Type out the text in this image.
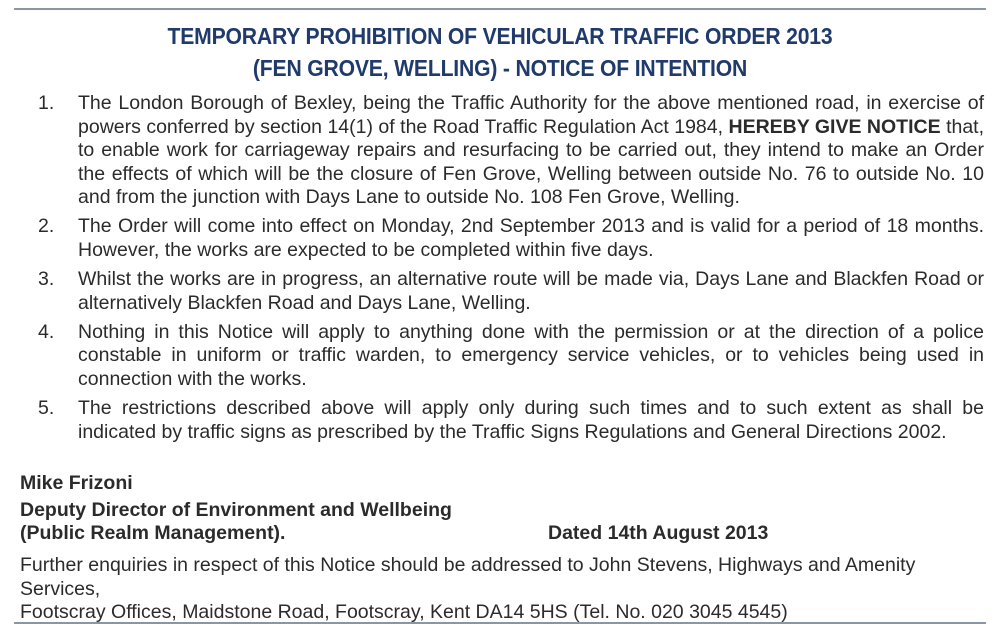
TEMPORARY PROHIBITION OF VEHICULAR TRAFFIC ORDER 2013
(FEN GROVE, WELLING) - NOTICE OF INTENTION
1. The London Borough of Bexley, being the Traffic Authority for the above mentioned road, in exercise of powers conferred by section 14(1) of the Road Traffic Regulation Act 1984, HEREBY GIVE NOTICE that, to enable work for carriageway repairs and resurfacing to be carried out, they intend to make an Order the effects of which will be the closure of Fen Grove, Welling between outside No. 76 to outside No. 10 and from the junction with Days Lane to outside No. 108 Fen Grove, Welling.
2. The Order will come into effect on Monday, 2nd September 2013 and is valid for a period of 18 months. However, the works are expected to be completed within five days.
3. Whilst the works are in progress, an alternative route will be made via, Days Lane and Blackfen Road or alternatively Blackfen Road and Days Lane, Welling.
4. Nothing in this Notice will apply to anything done with the permission or at the direction of a police constable in uniform or traffic warden, to emergency service vehicles, or to vehicles being used in connection with the works.
5. The restrictions described above will apply only during such times and to such extent as shall be indicated by traffic signs as prescribed by the Traffic Signs Regulations and General Directions 2002.
Mike Frizoni
Deputy Director of Environment and Wellbeing
(Public Realm Management).	Dated 14th August 2013
Further enquiries in respect of this Notice should be addressed to John Stevens, Highways and Amenity Services,
Footscray Offices, Maidstone Road, Footscray, Kent DA14 5HS (Tel. No. 020 3045 4545)
